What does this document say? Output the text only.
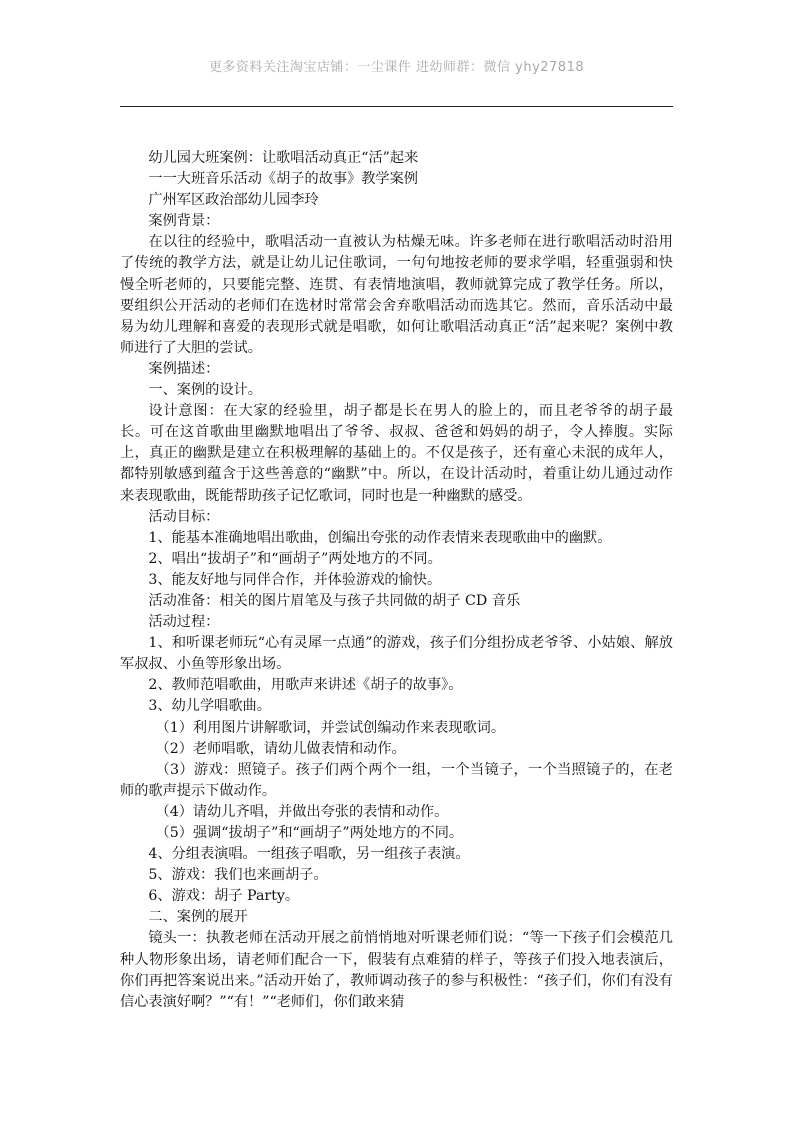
更多资料关注淘宝店铺：一尘课件 进幼师群：微信 yhy27818

幼儿园大班案例：让歌唱活动真正“活”起来

一一大班音乐活动《胡子的故事》教学案例

广州军区政治部幼儿园李玲

案例背景：

在以往的经验中，歌唱活动一直被认为枯燥无味。许多老师在进行歌唱活动时沿用了传统的教学方法，就是让幼儿记住歌词，一句句地按老师的要求学唱，轻重强弱和快慢全听老师的，只要能完整、连贯、有表情地演唱，教师就算完成了教学任务。所以，要组织公开活动的老师们在选材时常常会舍弃歌唱活动而选其它。然而，音乐活动中最易为幼儿理解和喜爱的表现形式就是唱歌，如何让歌唱活动真正“活”起来呢？案例中教师进行了大胆的尝试。

案例描述：

一、案例的设计。

设计意图：在大家的经验里，胡子都是长在男人的脸上的，而且老爷爷的胡子最长。可在这首歌曲里幽默地唱出了爷爷、叔叔、爸爸和妈妈的胡子，令人捧腹。实际上，真正的幽默是建立在积极理解的基础上的。不仅是孩子，还有童心未泯的成年人，都特别敏感到蕴含于这些善意的“幽默”中。所以，在设计活动时，着重让幼儿通过动作来表现歌曲，既能帮助孩子记忆歌词，同时也是一种幽默的感受。

活动目标：

1、能基本准确地唱出歌曲，创编出夸张的动作表情来表现歌曲中的幽默。

2、唱出“拔胡子”和“画胡子”两处地方的不同。

3、能友好地与同伴合作，并体验游戏的愉快。

活动准备：相关的图片眉笔及与孩子共同做的胡子 CD 音乐

活动过程：

1、和听课老师玩“心有灵犀一点通”的游戏，孩子们分组扮成老爷爷、小姑娘、解放军叔叔、小鱼等形象出场。

2、教师范唱歌曲，用歌声来讲述《胡子的故事》。

3、幼儿学唱歌曲。

（1）利用图片讲解歌词，并尝试创编动作来表现歌词。

（2）老师唱歌，请幼儿做表情和动作。

（3）游戏：照镜子。孩子们两个两个一组，一个当镜子，一个当照镜子的，在老师的歌声提示下做动作。

（4）请幼儿齐唱，并做出夸张的表情和动作。

（5）强调“拔胡子”和“画胡子”两处地方的不同。

4、分组表演唱。一组孩子唱歌，另一组孩子表演。

5、游戏：我们也来画胡子。

6、游戏：胡子 Party。

二、案例的展开

镜头一：执教老师在活动开展之前悄悄地对听课老师们说：“等一下孩子们会模范几种人物形象出场，请老师们配合一下，假装有点难猜的样子，等孩子们投入地表演后，你们再把答案说出来。”活动开始了，教师调动孩子的参与积极性：“孩子们，你们有没有信心表演好啊？”“有！”“老师们，你们敢来猜
